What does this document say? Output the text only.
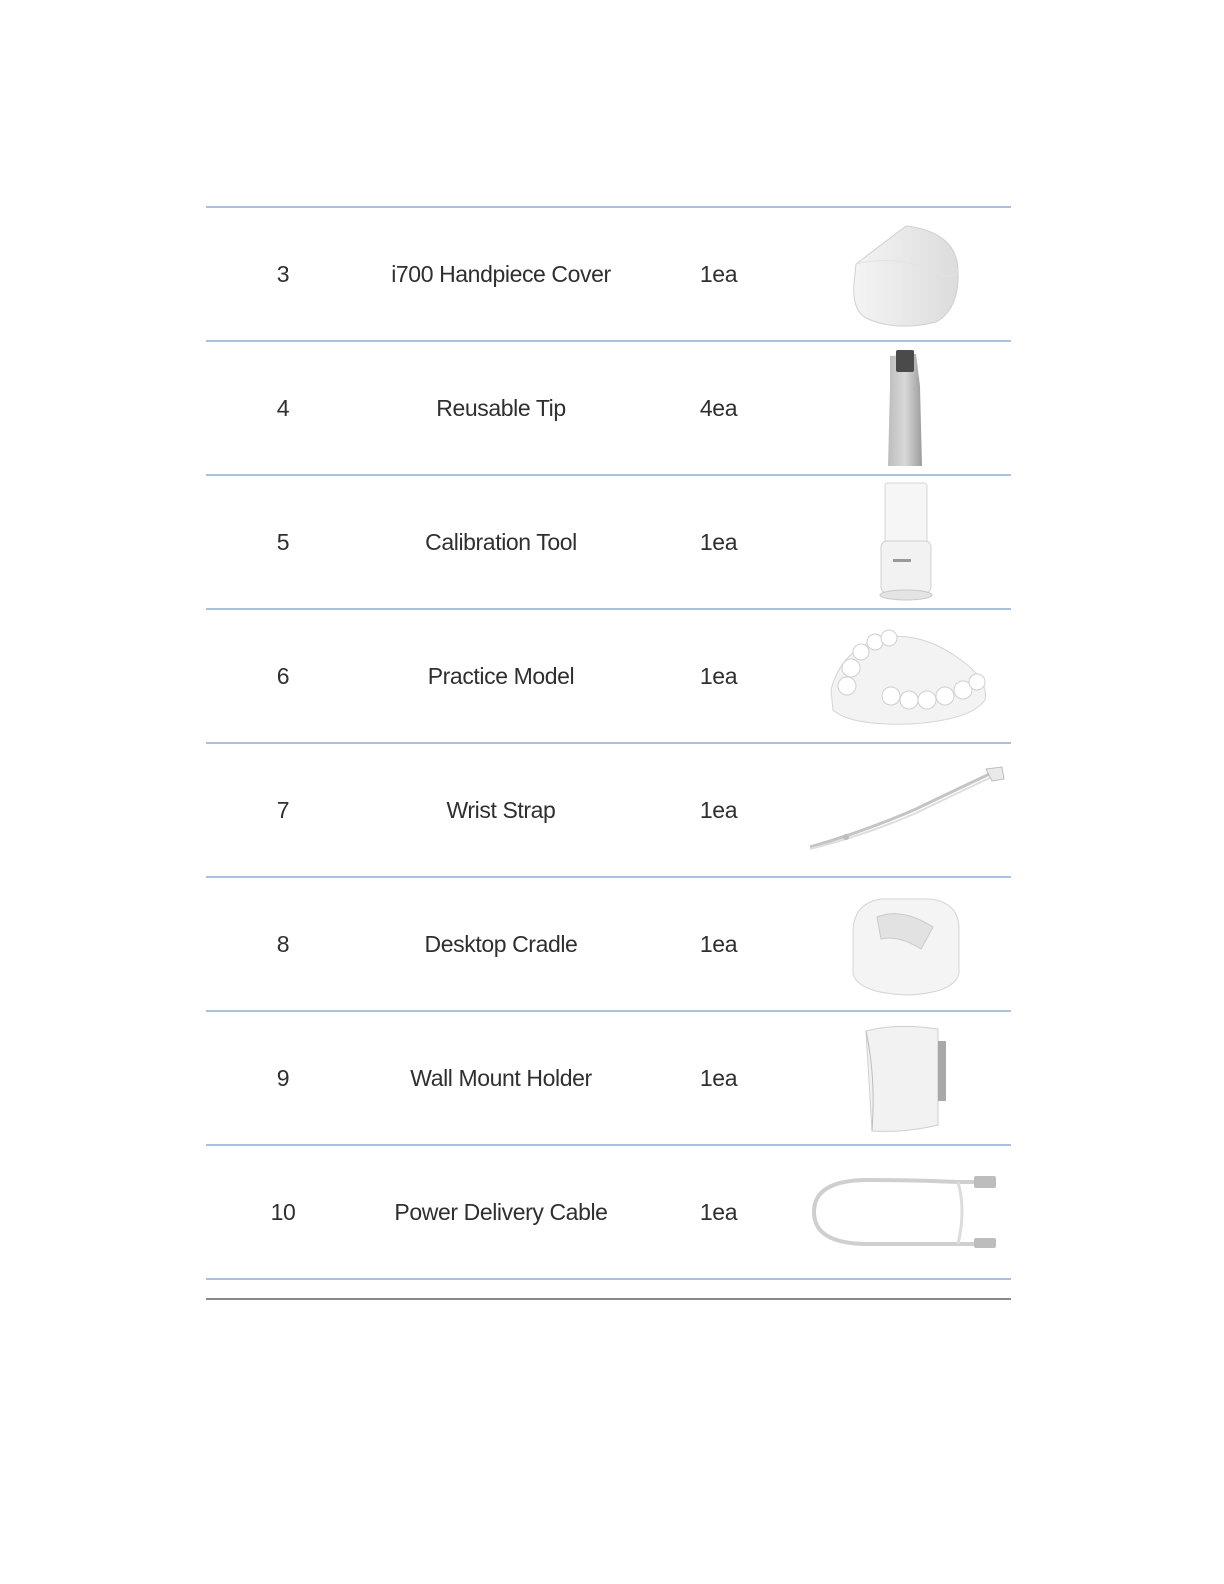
3	i700 Handpiece Cover	1ea
4	Reusable Tip	4ea
5	Calibration Tool	1ea
6	Practice Model	1ea
7	Wrist Strap	1ea
8	Desktop Cradle	1ea
9	Wall Mount Holder	1ea
10	Power Delivery Cable	1ea
